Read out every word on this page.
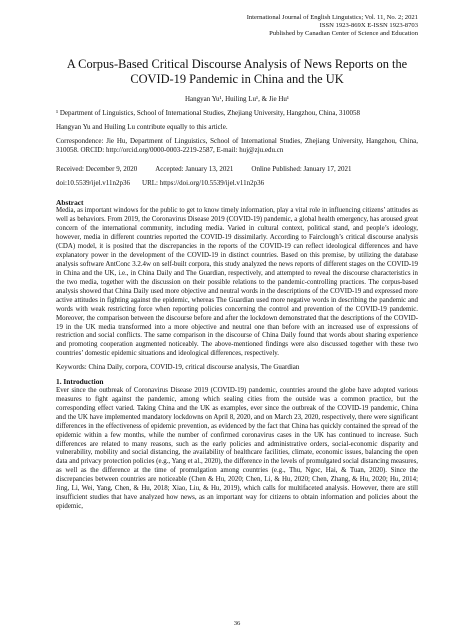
International Journal of English Linguistics; Vol. 11, No. 2; 2021
ISSN 1923-869X E-ISSN 1923-8703
Published by Canadian Center of Science and Education
A Corpus-Based Critical Discourse Analysis of News Reports on the
COVID-19 Pandemic in China and the UK
Hangyan Yu¹, Huiling Lu¹, & Jie Hu¹

¹ Department of Linguistics, School of International Studies, Zhejiang University, Hangzhou, China, 310058

Hangyan Yu and Huiling Lu contribute equally to this article.

Correspondence: Jie Hu, Department of Linguistics, School of International Studies, Zhejiang University, Hangzhou, China, 310058. ORCID: http://orcid.org/0000-0003-2219-2587, E-mail: huj@zju.edu.cn

Received: December 9, 2020	Accepted: January 13, 2021	Online Published: January 17, 2021
doi:10.5539/ijel.v11n2p36 URL: https://doi.org/10.5539/ijel.v11n2p36
Abstract

Media, as important windows for the public to get to know timely information, play a vital role in influencing citizens’ attitudes as well as behaviors. From 2019, the Coronavirus Disease 2019 (COVID-19) pandemic, a global health emergency, has aroused great concern of the international community, including media. Varied in cultural context, political stand, and people’s ideology, however, media in different countries reported the COVID-19 dissimilarly. According to Fairclough’s critical discourse analysis (CDA) model, it is posited that the discrepancies in the reports of the COVID-19 can reflect ideological differences and have explanatory power in the development of the COVID-19 in distinct countries. Based on this premise, by utilizing the database analysis software AntConc 3.2.4w on self-built corpora, this study analyzed the news reports of different stages on the COVID-19 in China and the UK, i.e., in China Daily and The Guardian, respectively, and attempted to reveal the discourse characteristics in the two media, together with the discussion on their possible relations to the pandemic-controlling practices. The corpus-based analysis showed that China Daily used more objective and neutral words in the descriptions of the COVID-19 and expressed more active attitudes in fighting against the epidemic, whereas The Guardian used more negative words in describing the pandemic and words with weak restricting force when reporting policies concerning the control and prevention of the COVID-19 pandemic. Moreover, the comparison between the discourse before and after the lockdown demonstrated that the descriptions of the COVID-19 in the UK media transformed into a more objective and neutral one than before with an increased use of expressions of restriction and social conflicts. The same comparison in the discourse of China Daily found that words about sharing experience and promoting cooperation augmented noticeably. The above-mentioned findings were also discussed together with these two countries’ domestic epidemic situations and ideological differences, respectively.

Keywords: China Daily, corpora, COVID-19, critical discourse analysis, The Guardian

1. Introduction

Ever since the outbreak of Coronavirus Disease 2019 (COVID-19) pandemic, countries around the globe have adopted various measures to fight against the pandemic, among which sealing cities from the outside was a common practice, but the corresponding effect varied. Taking China and the UK as examples, ever since the outbreak of the COVID-19 pandemic, China and the UK have implemented mandatory lockdowns on April 8, 2020, and on March 23, 2020, respectively, there were significant differences in the effectiveness of epidemic prevention, as evidenced by the fact that China has quickly contained the spread of the epidemic within a few months, while the number of confirmed coronavirus cases in the UK has continued to increase. Such differences are related to many reasons, such as the early policies and administrative orders, social-economic disparity and vulnerability, mobility and social distancing, the availability of healthcare facilities, climate, economic issues, balancing the open data and privacy protection policies (e.g., Yang et al., 2020), the difference in the levels of promulgated social distancing measures, as well as the difference at the time of promulgation among countries (e.g., Thu, Ngoc, Hai, & Tuan, 2020). Since the discrepancies between countries are noticeable (Chen & Hu, 2020; Chen, Li, & Hu, 2020; Chen, Zhang, & Hu, 2020; Hu, 2014; Jing, Li, Wei, Yang, Chen, & Hu, 2018; Xiao, Liu, & Hu, 2019), which calls for multifaceted analysis. However, there are still insufficient studies that have analyzed how news, as an important way for citizens to obtain information and policies about the epidemic,

36
